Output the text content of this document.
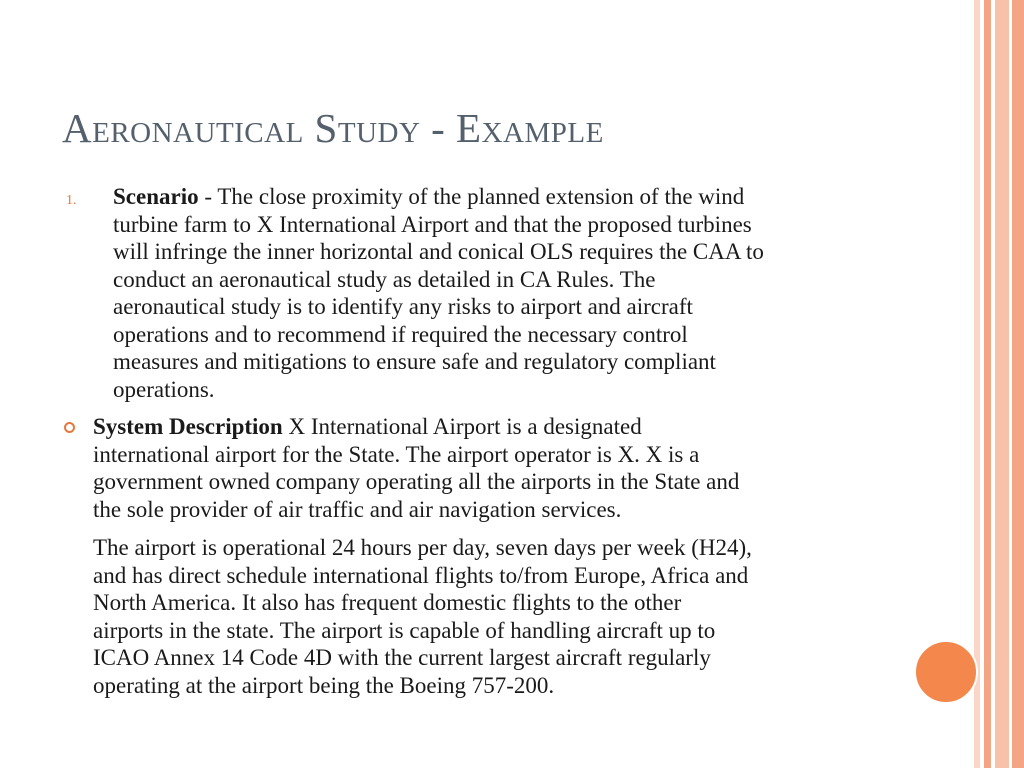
Aeronautical Study - Example
1. Scenario - The close proximity of the planned extension of the wind
turbine farm to X International Airport and that the proposed turbines
will infringe the inner horizontal and conical OLS requires the CAA to
conduct an aeronautical study as detailed in CA Rules. The
aeronautical study is to identify any risks to airport and aircraft
operations and to recommend if required the necessary control
measures and mitigations to ensure safe and regulatory compliant
operations.
System Description X International Airport is a designated
international airport for the State. The airport operator is X. X is a
government owned company operating all the airports in the State and
the sole provider of air traffic and air navigation services.
The airport is operational 24 hours per day, seven days per week (H24),
and has direct schedule international flights to/from Europe, Africa and
North America. It also has frequent domestic flights to the other
airports in the state. The airport is capable of handling aircraft up to
ICAO Annex 14 Code 4D with the current largest aircraft regularly
operating at the airport being the Boeing 757-200.
